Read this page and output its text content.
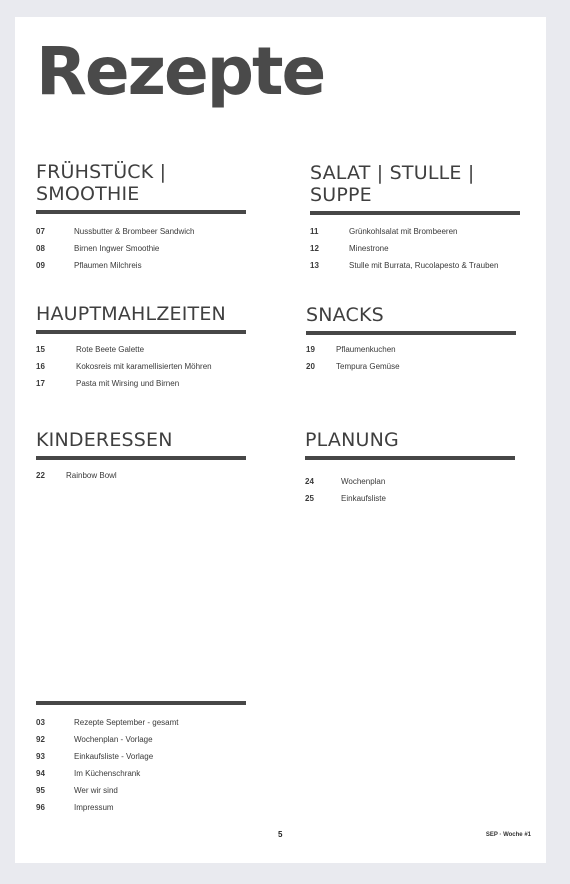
Rezepte
FRÜHSTÜCK | SMOOTHIE
07	Nussbutter & Brombeer Sandwich
08	Birnen Ingwer Smoothie
09	Pflaumen Milchreis
SALAT | STULLE | SUPPE
11	Grünkohlsalat mit Brombeeren
12	Minestrone
13	Stulle mit Burrata, Rucolapesto & Trauben
HAUPTMAHLZEITEN
15	Rote Beete Galette
16	Kokosreis mit karamellisierten Möhren
17	Pasta mit Wirsing und Birnen
SNACKS
19	Pflaumenkuchen
20	Tempura Gemüse
KINDERESSEN
22	Rainbow Bowl
PLANUNG
24	Wochenplan
25	Einkaufsliste
03	Rezepte September - gesamt
92	Wochenplan - Vorlage
93	Einkaufsliste - Vorlage
94	Im Küchenschrank
95	Wer wir sind
96	Impressum
5	SEP · Woche #1
